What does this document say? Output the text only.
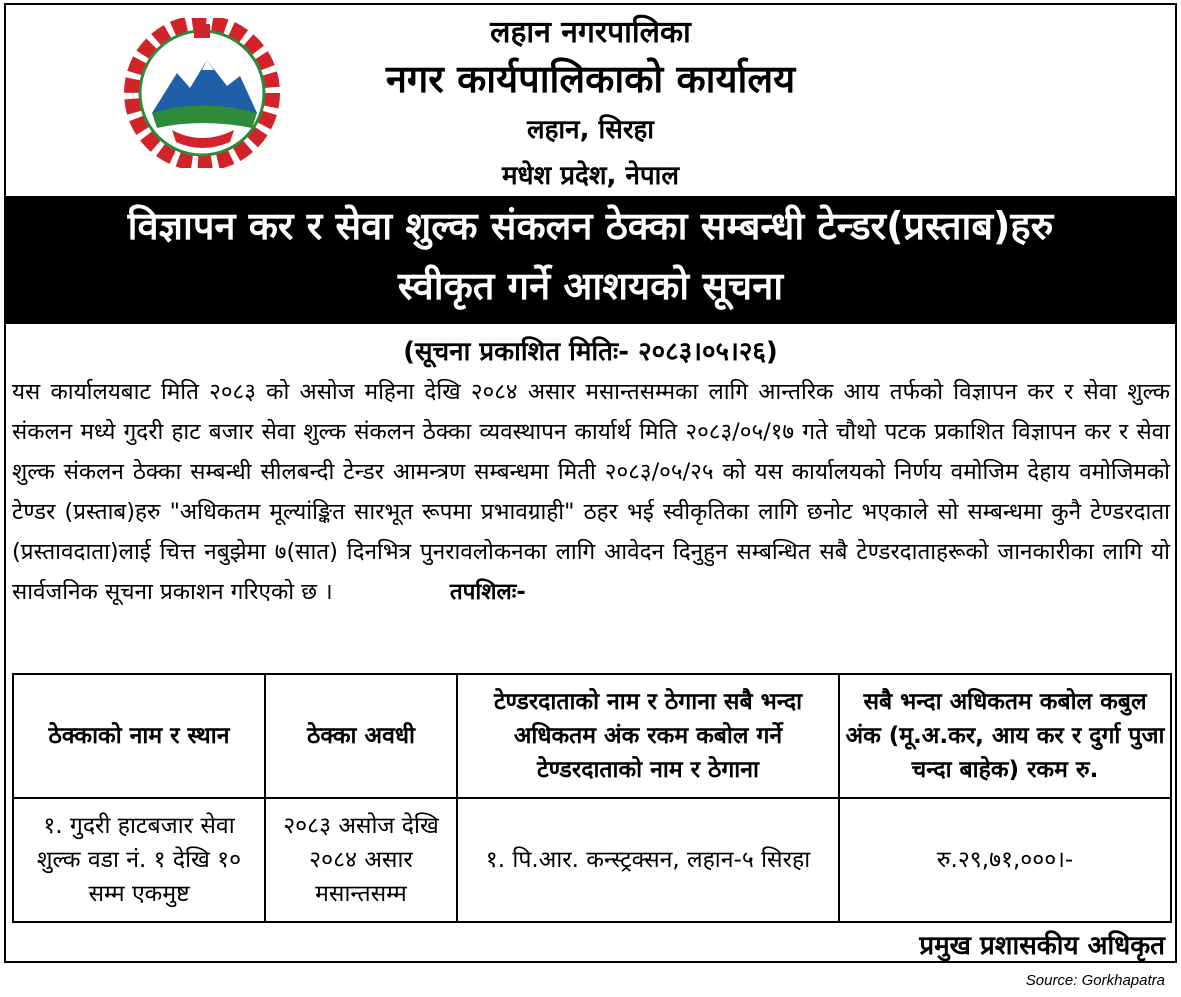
लहान नगरपालिका
नगर कार्यपालिकाको कार्यालय
लहान, सिरहा
मधेश प्रदेश, नेपाल
विज्ञापन कर र सेवा शुल्क संकलन ठेक्का सम्बन्धी टेन्डर(प्रस्ताब)हरु
स्वीकृत गर्ने आशयको सूचना
(सूचना प्रकाशित मितिः- २०८३।०५।२६)
यस कार्यालयबाट मिति २०८३ को असोज महिना देखि २०८४ असार मसान्तसम्मका लागि आन्तरिक आय तर्फको विज्ञापन कर र सेवा शुल्क संकलन मध्ये गुदरी हाट बजार सेवा शुल्क संकलन ठेक्का व्यवस्थापन कार्यार्थ मिति २०८३/०५/१७ गते चौथो पटक प्रकाशित विज्ञापन कर र सेवा शुल्क संकलन ठेक्का सम्बन्धी सीलबन्दी टेन्डर आमन्त्रण सम्बन्धमा मिती २०८३/०५/२५ को यस कार्यालयको निर्णय वमोजिम देहाय वमोजिमको टेण्डर (प्रस्ताब)हरु "अधिकतम मूल्यांङ्कित सारभूत रूपमा प्रभावग्राही" ठहर भई स्वीकृतिका लागि छनोट भएकाले सो सम्बन्धमा कुनै टेण्डरदाता (प्रस्तावदाता)लाई चित्त नबुझेमा ७(सात) दिनभित्र पुनरावलोकनका लागि आवेदन दिनुहुन सम्बन्धित सबै टेण्डरदाताहरूको जानकारीका लागि यो सार्वजनिक सूचना प्रकाशन गरिएको छ ।	तपशिलः-
ठेक्काको नाम र स्थान	ठेक्का अवधी	टेण्डरदाताको नाम र ठेगाना सबै भन्दा अधिकतम अंक रकम कबोल गर्ने टेण्डरदाताको नाम र ठेगाना	सबै भन्दा अधिकतम कबोल कबुल अंक (मू.अ.कर, आय कर र दुर्गा पुजा चन्दा बाहेक) रकम रु.
१. गुदरी हाटबजार सेवा शुल्क वडा नं. १ देखि १० सम्म एकमुष्ट	२०८३ असोज देखि २०८४ असार मसान्तसम्म	१. पि.आर. कन्स्ट्रक्सन, लहान-५ सिरहा	रु.२९,७१,०००।-
प्रमुख प्रशासकीय अधिकृत
Source: Gorkhapatra
